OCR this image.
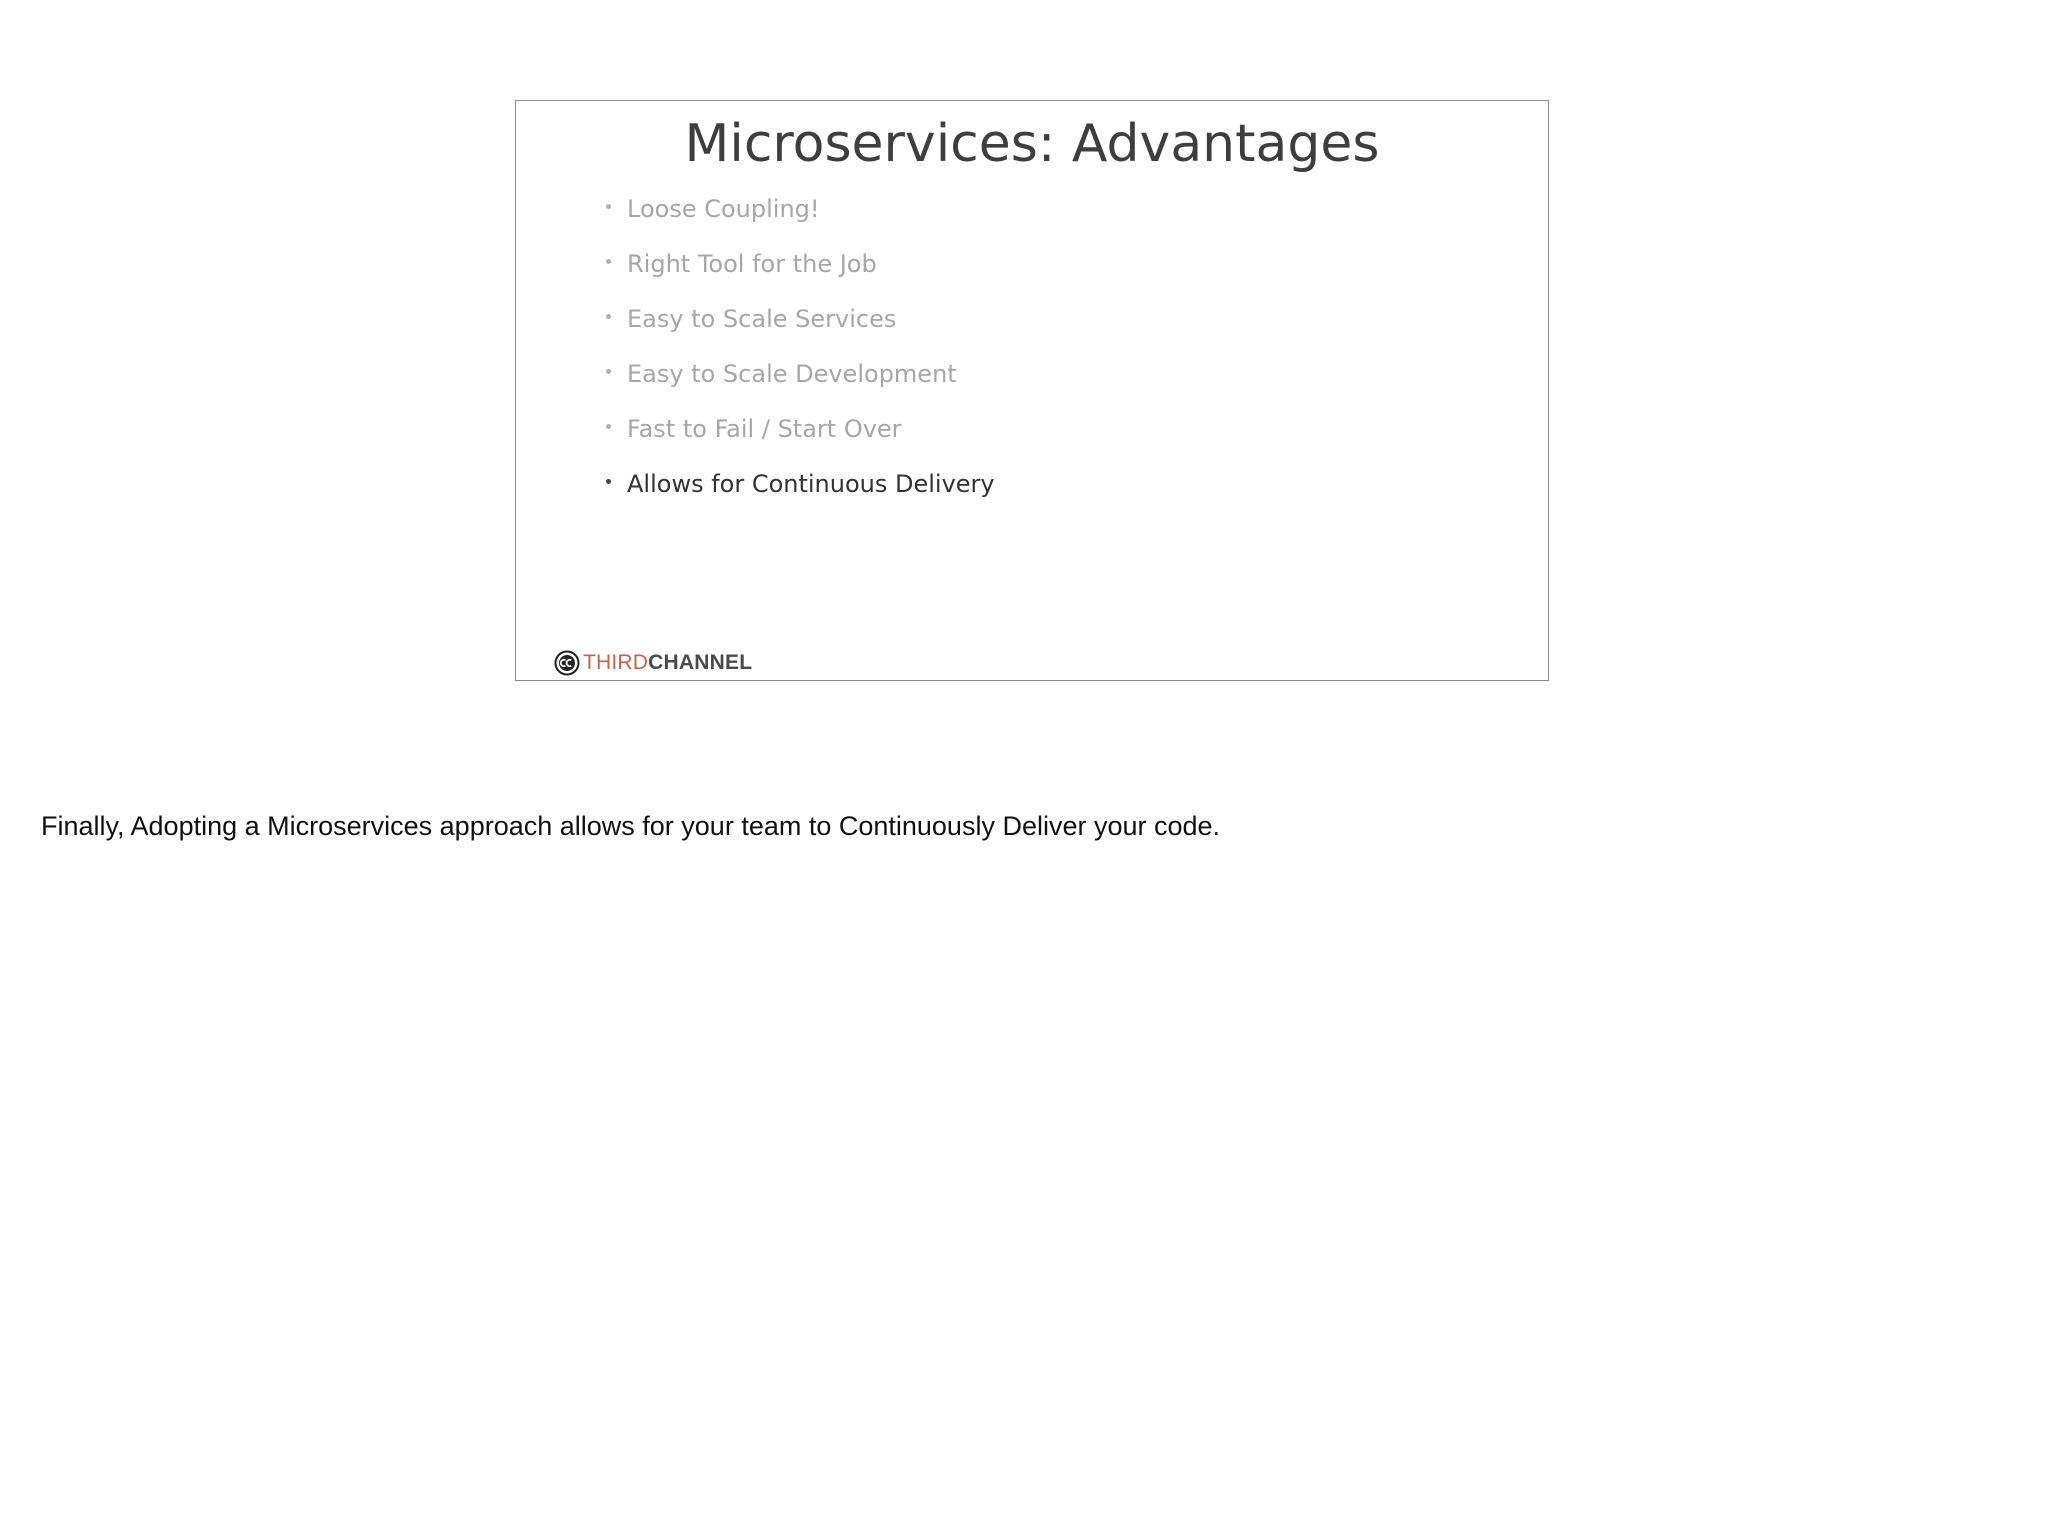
Microservices: Advantages
Loose Coupling!
Right Tool for the Job
Easy to Scale Services
Easy to Scale Development
Fast to Fail / Start Over
Allows for Continuous Delivery
THIRD CHANNEL
Finally, Adopting a Microservices approach allows for your team to Continuously Deliver your code.
